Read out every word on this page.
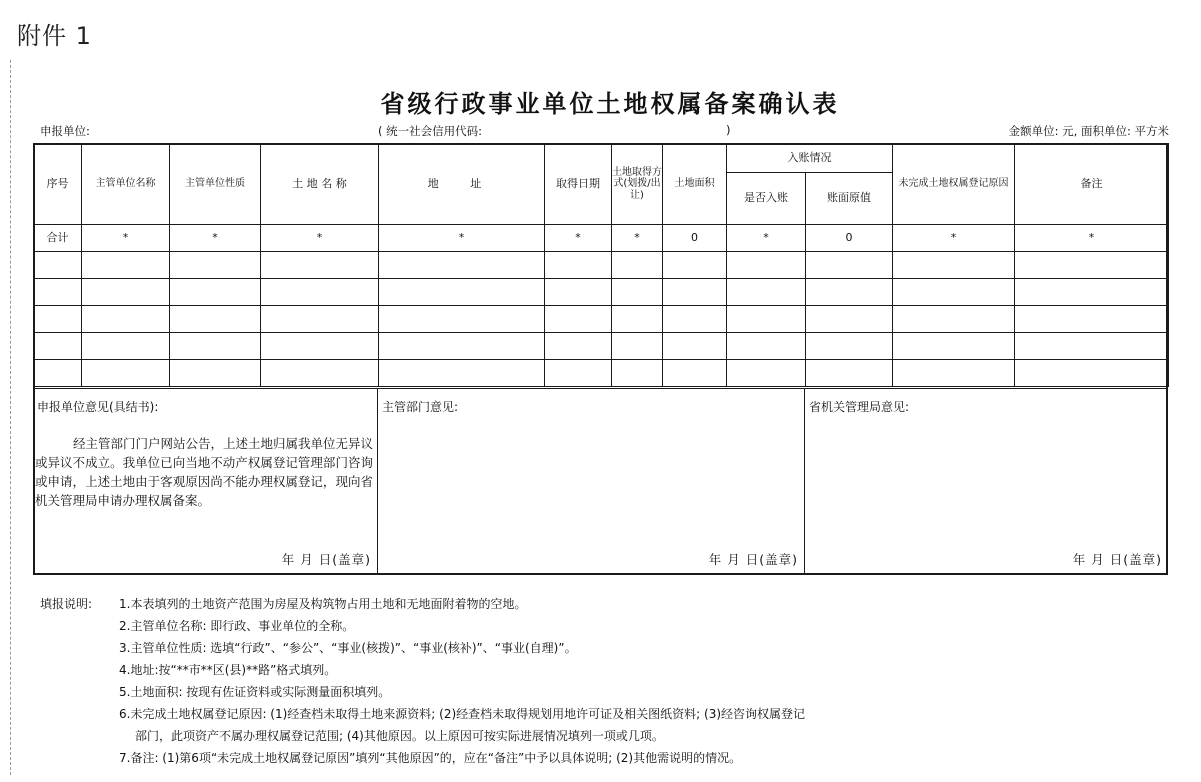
附件 1
省级行政事业单位土地权属备案确认表
申报单位:	( 统一社会信用代码:	)	金额单位: 元, 面积单位: 平方米
序号	主管单位名称	主管单位性质	土 地 名 称	地 址	取得日期	土地取得方式(划拨/出让)	土地面积	入账情况		未完成土地权属登记原因	备注
								是否入账	账面原值		
合计	*	*	*	*	*	*	0	*	0	*	*

申报单位意见(具结书):
经主管部门门户网站公告，上述土地归属我单位无异议或异议不成立。我单位已向当地不动产权属登记管理部门咨询或申请，上述土地由于客观原因尚不能办理权属登记，现向省机关管理局申请办理权属备案。
年 月 日(盖章)
主管部门意见:
年 月 日(盖章)
省机关管理局意见:
年 月 日(盖章)
填报说明: 1.本表填列的土地资产范围为房屋及构筑物占用土地和无地面附着物的空地。
2.主管单位名称: 即行政、事业单位的全称。
3.主管单位性质: 选填“行政”、“参公”、“事业(核拨)”、“事业(核补)”、“事业(自理)”。
4.地址:按“**市**区(县)**路”格式填列。
5.土地面积: 按现有佐证资料或实际测量面积填列。
6.未完成土地权属登记原因: (1)经查档未取得土地来源资料; (2)经查档未取得规划用地许可证及相关图纸资料; (3)经咨询权属登记
部门，此项资产不属办理权属登记范围; (4)其他原因。以上原因可按实际进展情况填列一项或几项。
7.备注: (1)第6项“未完成土地权属登记原因”填列“其他原因”的，应在“备注”中予以具体说明; (2)其他需说明的情况。
